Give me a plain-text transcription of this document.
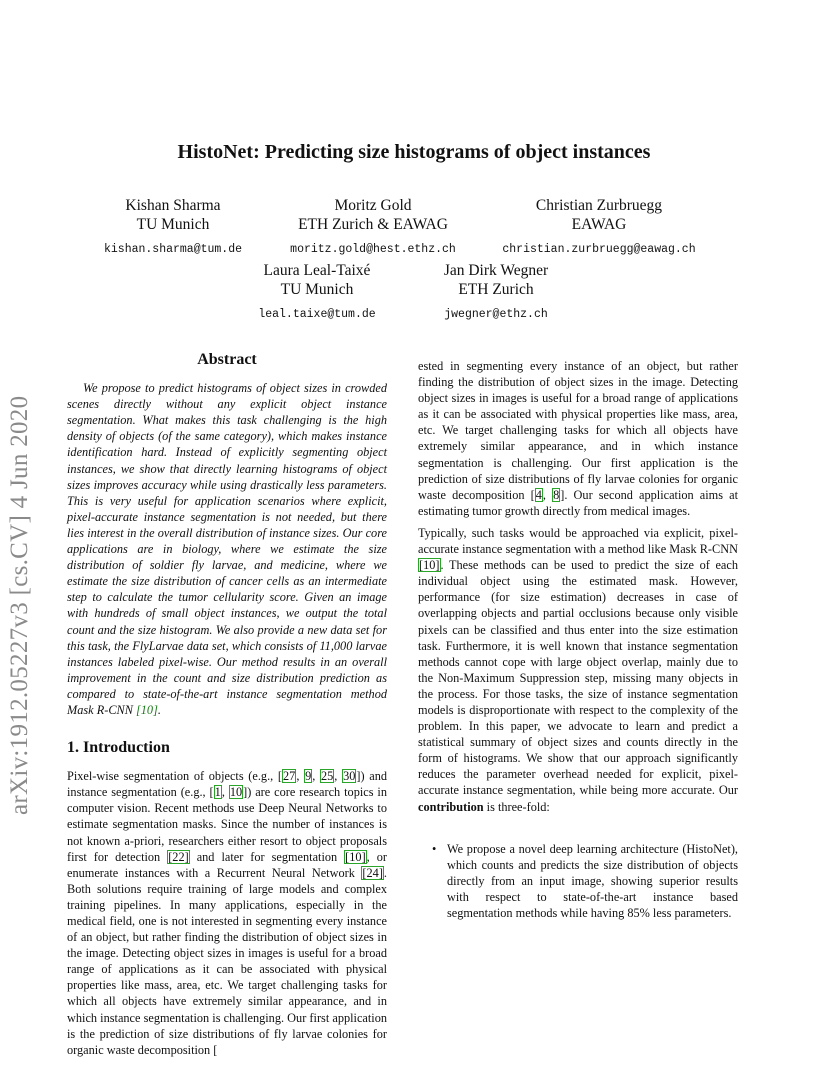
HistoNet: Predicting size histograms of object instances
Kishan Sharma
TU Munich
kishan.sharma@tum.de
Moritz Gold
ETH Zurich & EAWAG
moritz.gold@hest.ethz.ch
Christian Zurbruegg
EAWAG
christian.zurbruegg@eawag.ch
Laura Leal-Taixé
TU Munich
leal.taixe@tum.de
Jan Dirk Wegner
ETH Zurich
jwegner@ethz.ch
arXiv:1912.05227v3 [cs.CV] 4 Jun 2020
Abstract

We propose to predict histograms of object sizes in crowded scenes directly without any explicit object instance segmentation. What makes this task challenging is the high density of objects (of the same category), which makes instance identification hard. Instead of explicitly segmenting object instances, we show that directly learning histograms of object sizes improves accuracy while using drastically less parameters. This is very useful for application scenarios where explicit, pixel-accurate instance segmentation is not needed, but there lies interest in the overall distribution of instance sizes. Our core applications are in biology, where we estimate the size distribution of soldier fly larvae, and medicine, where we estimate the size distribution of cancer cells as an intermediate step to calculate the tumor cellularity score. Given an image with hundreds of small object instances, we output the total count and the size histogram. We also provide a new data set for this task, the FlyLarvae data set, which consists of 11,000 larvae instances labeled pixel-wise. Our method results in an overall improvement in the count and size distribution prediction as compared to state-of-the-art instance segmentation method Mask R-CNN [10].

1. Introduction

Pixel-wise segmentation of objects (e.g., [27, 9, 25, 30]) and instance segmentation (e.g., [1, 10]) are core research topics in computer vision. Recent methods use Deep Neural Networks to estimate segmentation masks. Since the number of instances is not known a-priori, researchers either resort to object proposals first for detection [22] and later for segmentation [10], or enumerate instances with a Recurrent Neural Network [24]. Both solutions require training of large models and complex training pipelines. In many applications, especially in the medical field, one is not interested in segmenting every instance of an object, but rather finding the distribution of object sizes in the image. Detecting object sizes in images is useful for a broad range of applications as it can be associated with physical properties like mass, area, etc. We target challenging tasks for which all objects have extremely similar appearance, and in which instance segmentation is challenging. Our first application is the prediction of size distributions of fly larvae colonies for organic waste decomposition [

ested in segmenting every instance of an object, but rather finding the distribution of object sizes in the image. Detecting object sizes in images is useful for a broad range of applications as it can be associated with physical properties like mass, area, etc. We target challenging tasks for which all objects have extremely similar appearance, and in which instance segmentation is challenging. Our first application is the prediction of size distributions of fly larvae colonies for organic waste decomposition [4, 8]. Our second application aims at estimating tumor growth directly from medical images.

Typically, such tasks would be approached via explicit, pixel-accurate instance segmentation with a method like Mask R-CNN [10]. These methods can be used to predict the size of each individual object using the estimated mask. However, performance (for size estimation) decreases in case of overlapping objects and partial occlusions because only visible pixels can be classified and thus enter into the size estimation task. Furthermore, it is well known that instance segmentation methods cannot cope with large object overlap, mainly due to the Non-Maximum Suppression step, missing many objects in the process. For those tasks, the size of instance segmentation models is disproportionate with respect to the complexity of the problem. In this paper, we advocate to learn and predict a statistical summary of object sizes and counts directly in the form of histograms. We show that our approach significantly reduces the parameter overhead needed for explicit, pixel-accurate instance segmentation, while being more accurate. Our contribution is three-fold:

• We propose a novel deep learning architecture (HistoNet), which counts and predicts the size distribution of objects directly from an input image, showing superior results with respect to state-of-the-art instance based segmentation methods while having 85% less parameters.
